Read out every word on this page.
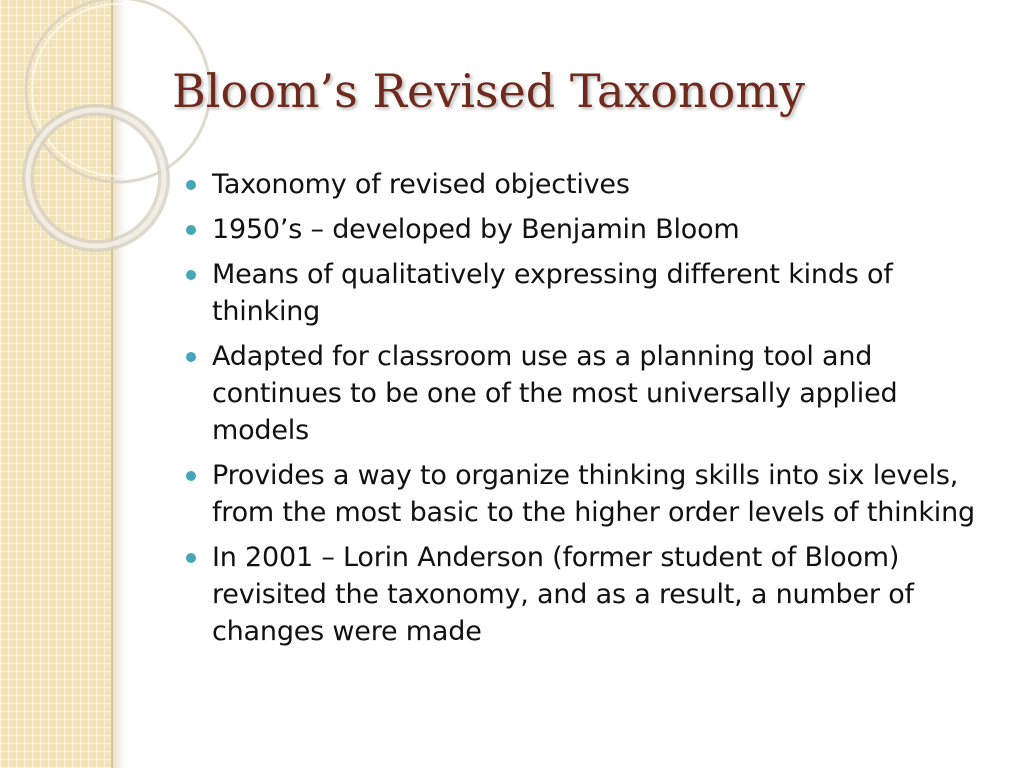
Bloom’s Revised Taxonomy
Taxonomy of revised objectives
1950’s – developed by Benjamin Bloom
Means of qualitatively expressing different kinds of thinking
Adapted for classroom use as a planning tool and continues to be one of the most universally applied models
Provides a way to organize thinking skills into six levels, from the most basic to the higher order levels of thinking
In 2001 – Lorin Anderson (former student of Bloom) revisited the taxonomy, and as a result, a number of changes were made
